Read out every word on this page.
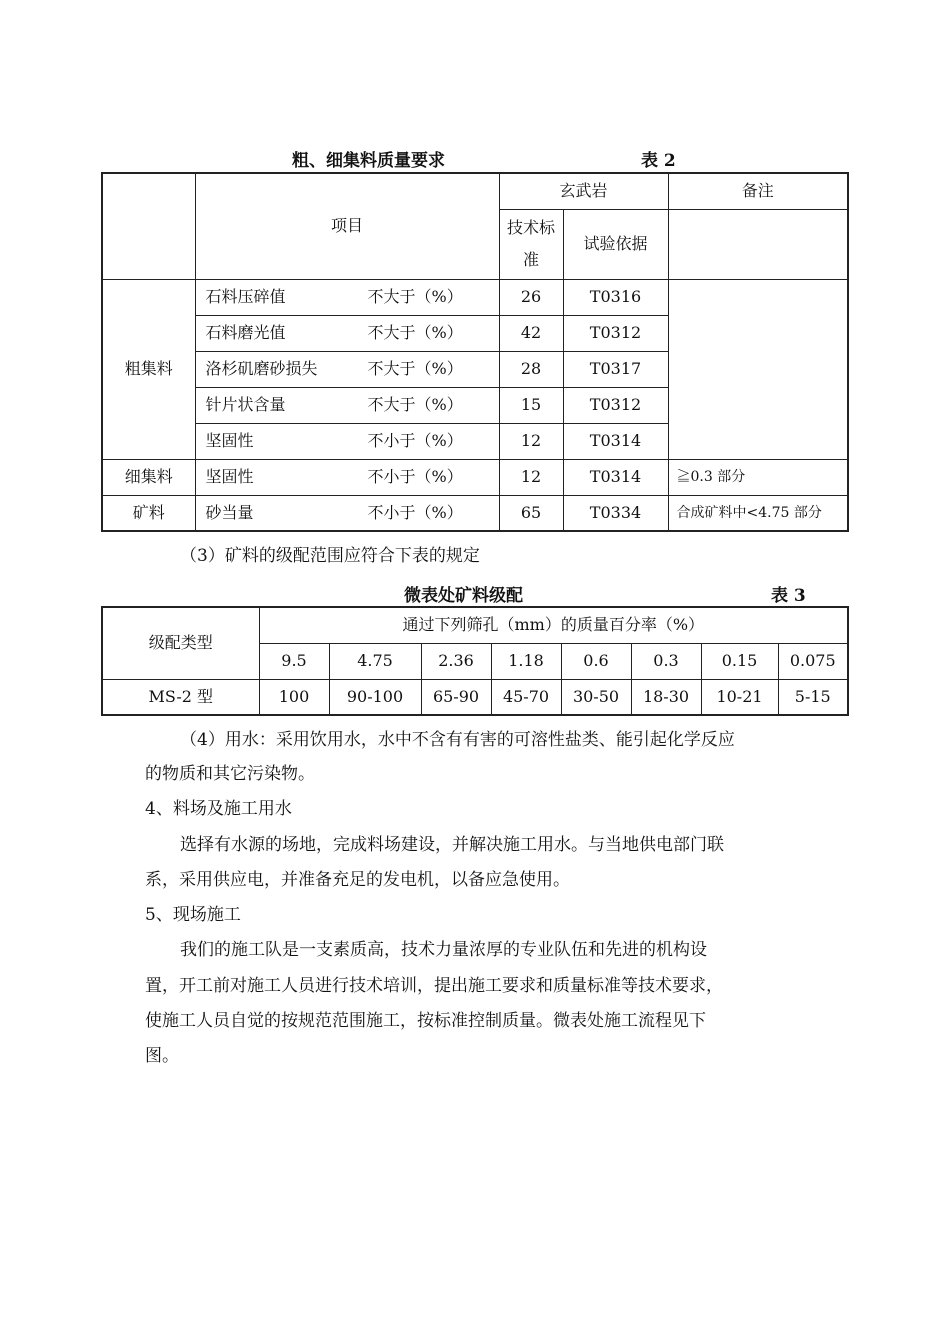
粗、细集料质量要求	表 2
	项目	玄武岩		备注
		技术标准	试验依据	
粗集料	石料压碎值 不大于（%）	26	T0316	
	石料磨光值 不大于（%）	42	T0312	
	洛杉矶磨砂损失 不大于（%）	28	T0317	
	针片状含量 不大于（%）	15	T0312	
	坚固性 不小于（%）	12	T0314	
细集料	坚固性 不小于（%）	12	T0314	≧0.3 部分
矿料	砂当量 不小于（%）	65	T0334	合成矿料中<4.75 部分
（3）矿料的级配范围应符合下表的规定
微表处矿料级配	表 3
级配类型	通过下列筛孔（mm）的质量百分率（%）							
	9.5	4.75	2.36	1.18	0.6	0.3	0.15	0.075
MS-2 型	100	90-100	65-90	45-70	30-50	18-30	10-21	5-15
（4）用水：采用饮用水，水中不含有有害的可溶性盐类、能引起化学反应
的物质和其它污染物。
4、料场及施工用水
选择有水源的场地，完成料场建设，并解决施工用水。与当地供电部门联
系，采用供应电，并准备充足的发电机，以备应急使用。
5、现场施工
我们的施工队是一支素质高，技术力量浓厚的专业队伍和先进的机构设
置，开工前对施工人员进行技术培训，提出施工要求和质量标准等技术要求，
使施工人员自觉的按规范范围施工，按标准控制质量。微表处施工流程见下
图。
